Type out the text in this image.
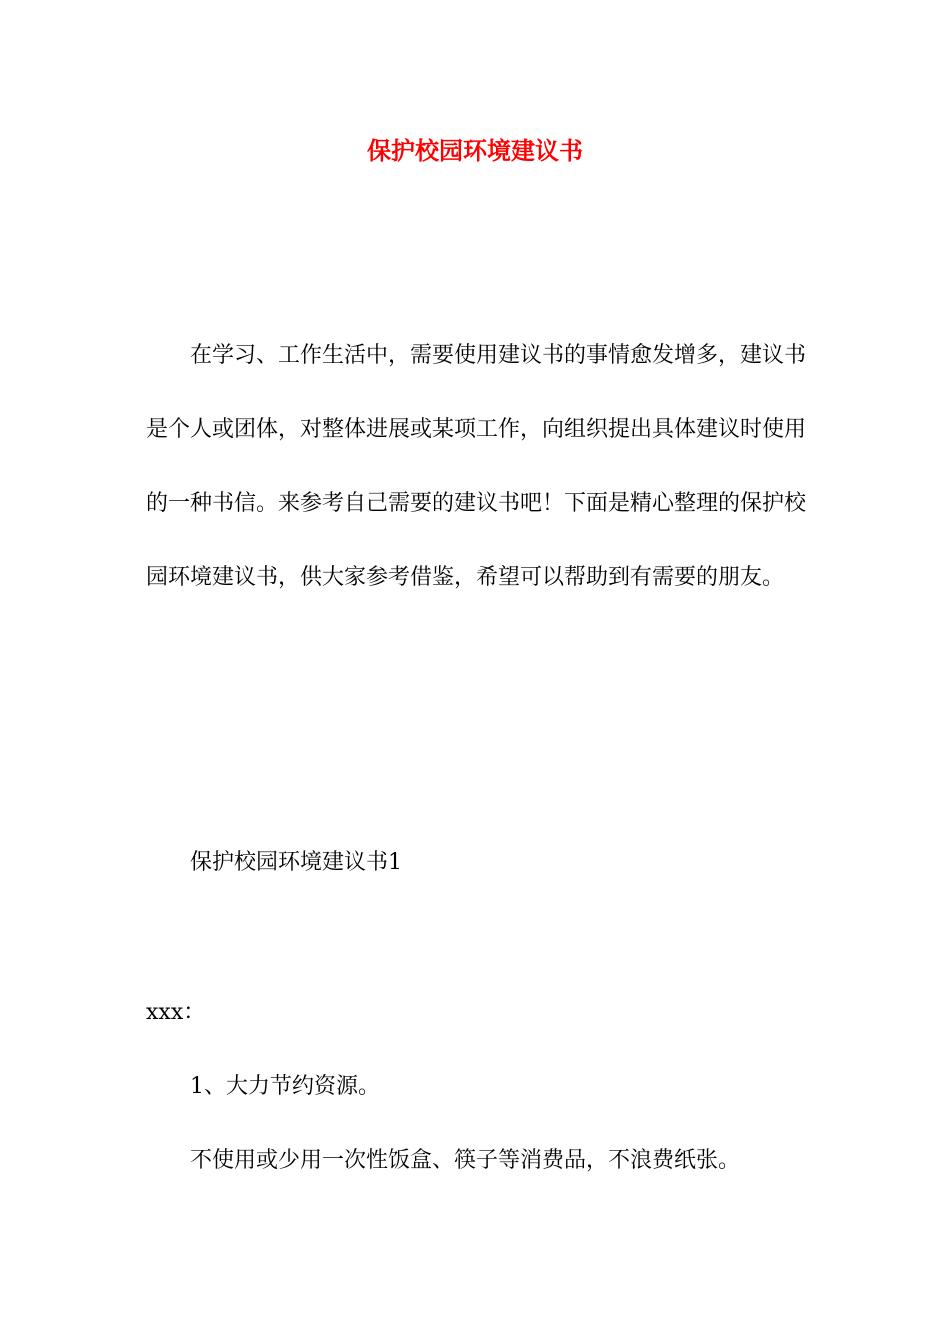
保护校园环境建议书

在学习、工作生活中，需要使用建议书的事情愈发增多，建议书是个人或团体，对整体进展或某项工作，向组织提出具体建议时使用的一种书信。来参考自己需要的建议书吧！下面是精心整理的保护校园环境建议书，供大家参考借鉴，希望可以帮助到有需要的朋友。

保护校园环境建议书1

xxx：

1、大力节约资源。

不使用或少用一次性饭盒、筷子等消费品，不浪费纸张。
